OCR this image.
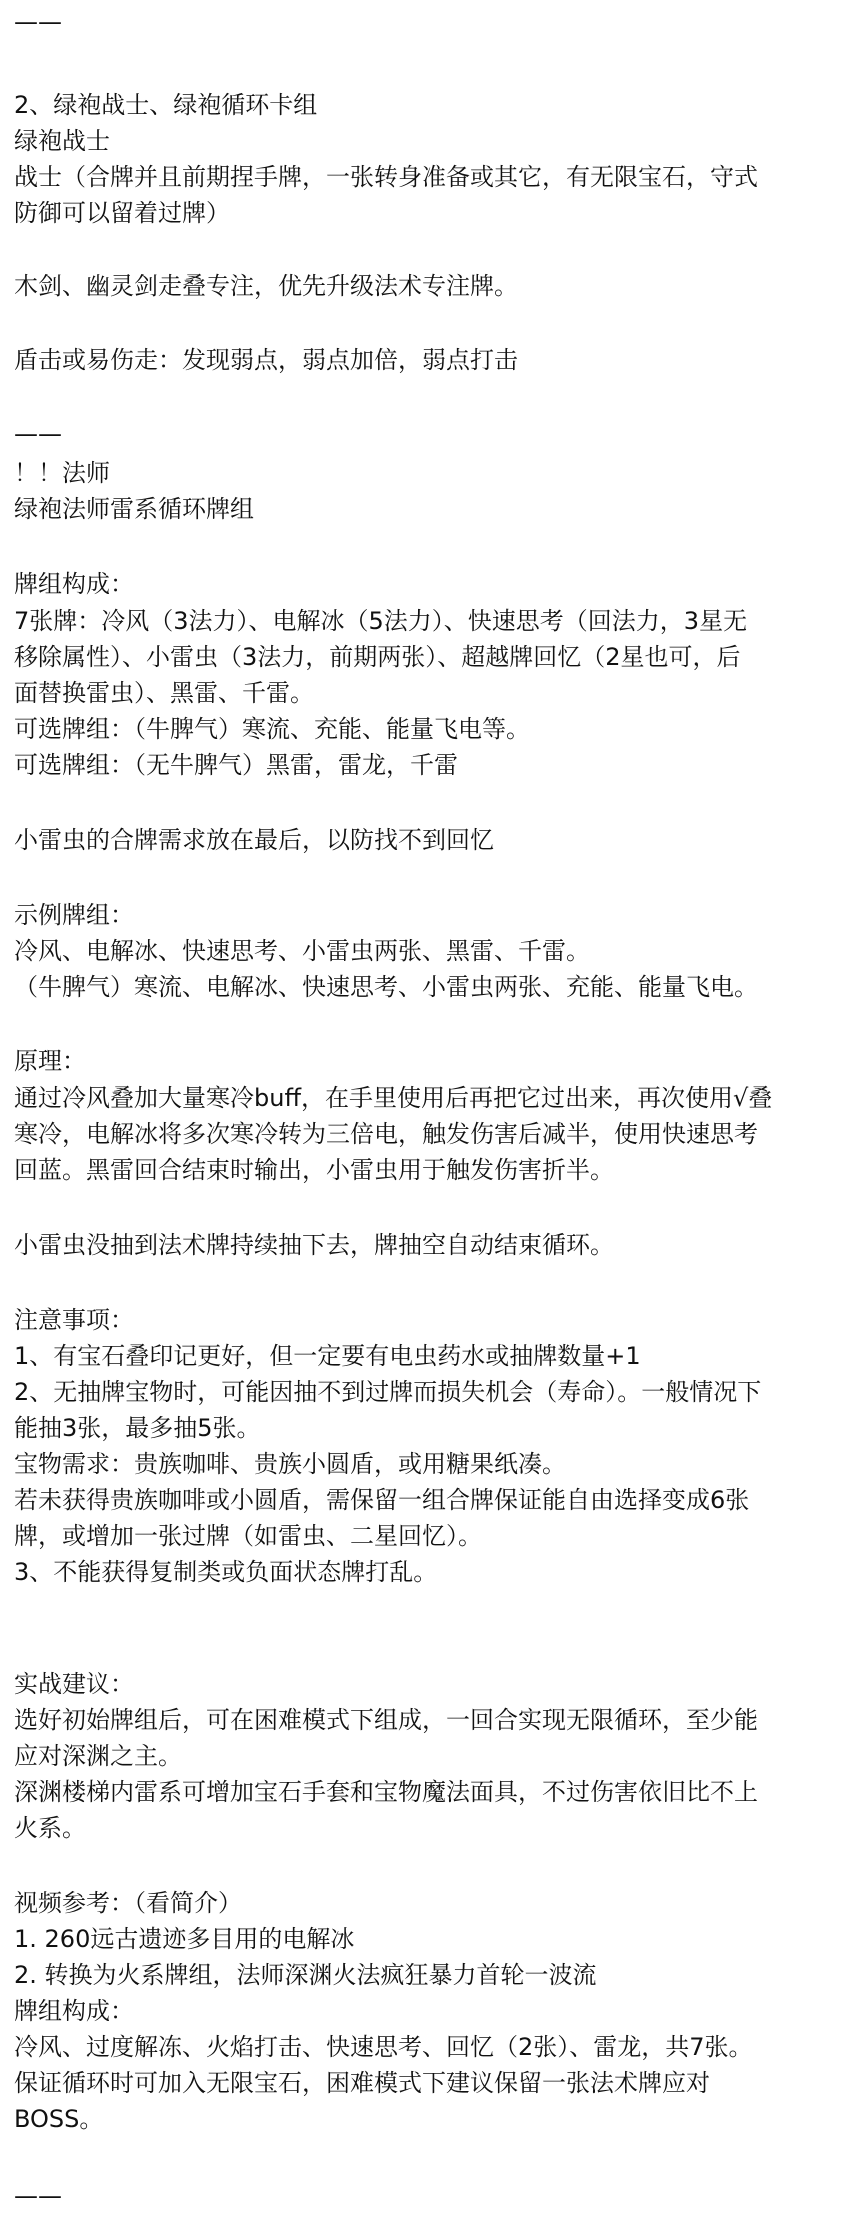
——
2、绿袍战士、绿袍循环卡组
绿袍战士
战士（合牌并且前期捏手牌，一张转身准备或其它，有无限宝石，守式
防御可以留着过牌）
木剑、幽灵剑走叠专注，优先升级法术专注牌。
盾击或易伤走：发现弱点，弱点加倍，弱点打击
——
！！法师
绿袍法师雷系循环牌组
牌组构成：
7张牌：冷风（3法力）、电解冰（5法力）、快速思考（回法力，3星无
移除属性）、小雷虫（3法力，前期两张）、超越牌回忆（2星也可，后
面替换雷虫）、黑雷、千雷。
可选牌组：（牛脾气）寒流、充能、能量飞电等。
可选牌组：（无牛脾气）黑雷，雷龙，千雷
小雷虫的合牌需求放在最后，以防找不到回忆
示例牌组：
冷风、电解冰、快速思考、小雷虫两张、黑雷、千雷。
（牛脾气）寒流、电解冰、快速思考、小雷虫两张、充能、能量飞电。
原理：
通过冷风叠加大量寒冷buff，在手里使用后再把它过出来，再次使用√叠
寒冷，电解冰将多次寒冷转为三倍电，触发伤害后减半，使用快速思考
回蓝。黑雷回合结束时输出，小雷虫用于触发伤害折半。
小雷虫没抽到法术牌持续抽下去，牌抽空自动结束循环。
注意事项：
1、有宝石叠印记更好，但一定要有电虫药水或抽牌数量+1
2、无抽牌宝物时，可能因抽不到过牌而损失机会（寿命）。一般情况下
能抽3张，最多抽5张。
宝物需求：贵族咖啡、贵族小圆盾，或用糖果纸凑。
若未获得贵族咖啡或小圆盾，需保留一组合牌保证能自由选择变成6张
牌，或增加一张过牌（如雷虫、二星回忆）。
3、不能获得复制类或负面状态牌打乱。
实战建议：
选好初始牌组后，可在困难模式下组成，一回合实现无限循环，至少能
应对深渊之主。
深渊楼梯内雷系可增加宝石手套和宝物魔法面具，不过伤害依旧比不上
火系。
视频参考：（看简介）
1. 260远古遗迹多目用的电解冰
2. 转换为火系牌组，法师深渊火法疯狂暴力首轮一波流
牌组构成：
冷风、过度解冻、火焰打击、快速思考、回忆（2张）、雷龙，共7张。
保证循环时可加入无限宝石，困难模式下建议保留一张法术牌应对
BOSS。
——
